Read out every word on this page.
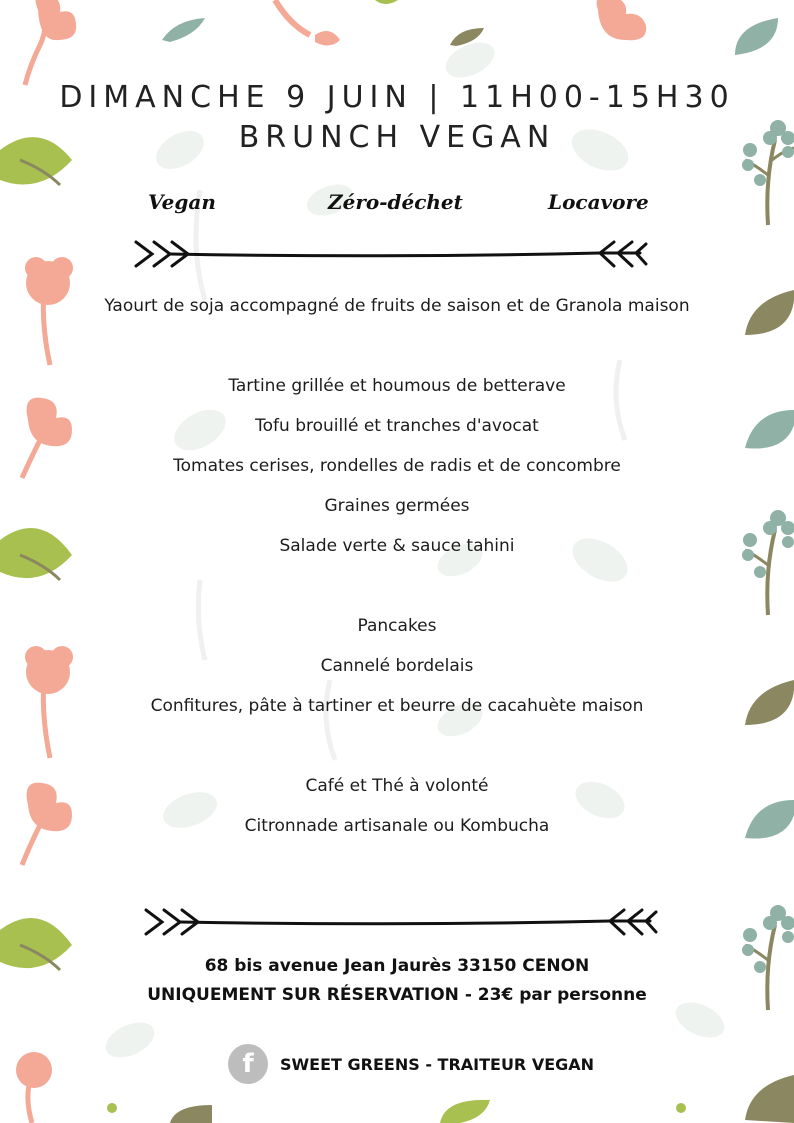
DIMANCHE 9 JUIN | 11H00-15H30
BRUNCH VEGAN
Vegan	Zéro-déchet	Locavore
Yaourt de soja accompagné de fruits de saison et de Granola maison
Tartine grillée et houmous de betterave
Tofu brouillé et tranches d'avocat
Tomates cerises, rondelles de radis et de concombre
Graines germées
Salade verte & sauce tahini
Pancakes
Cannelé bordelais
Confitures, pâte à tartiner et beurre de cacahuète maison
Café et Thé à volonté
Citronnade artisanale ou Kombucha
68 bis avenue Jean Jaurès 33150 CENON
UNIQUEMENT SUR RÉSERVATION - 23€ par personne
f	SWEET GREENS - TRAITEUR VEGAN
